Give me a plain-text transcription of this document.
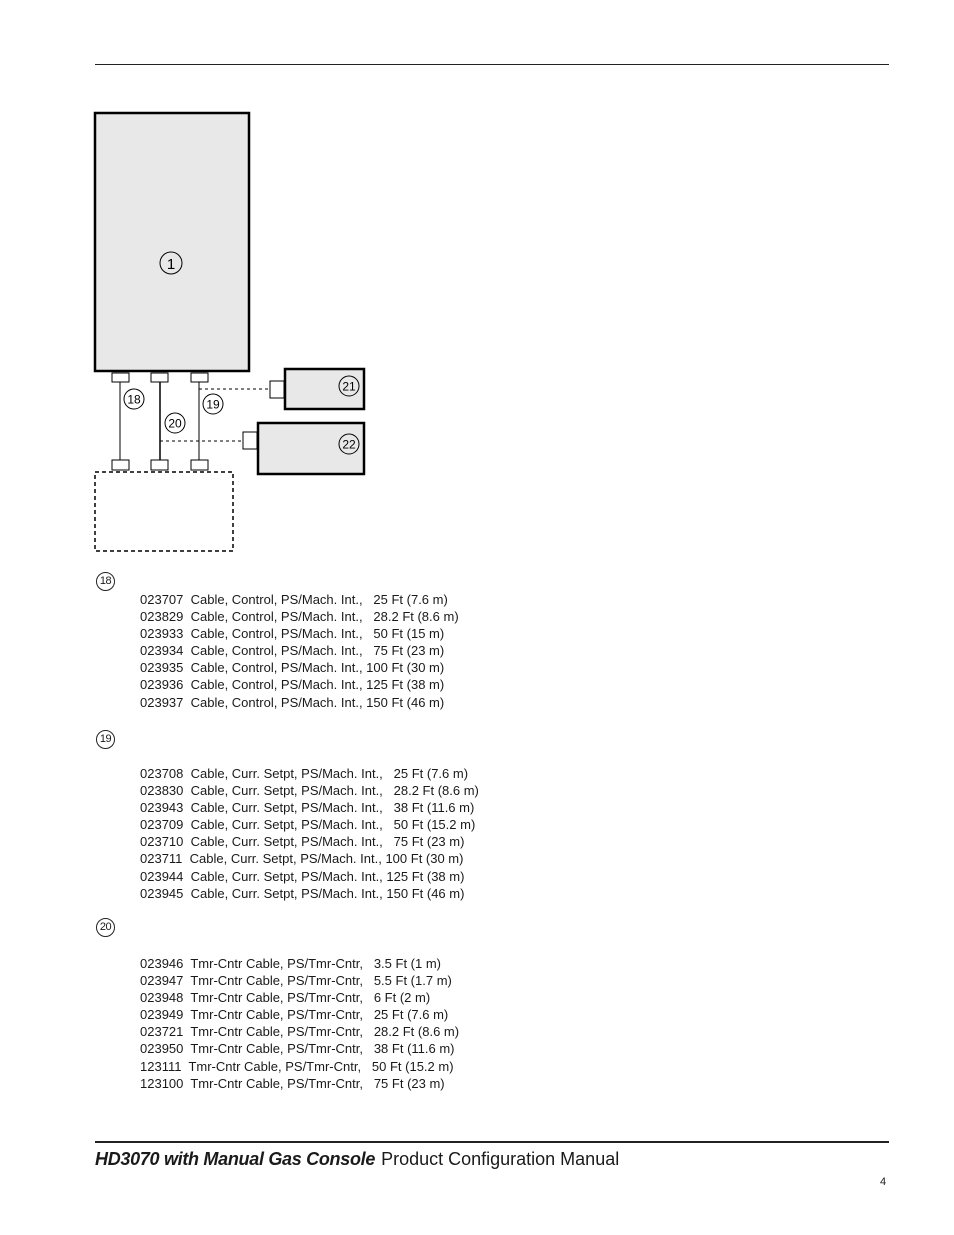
1
21
22
18	19
20
18
023707  Cable, Control, PS/Mach. Int.,   25 Ft (7.6 m)
023829  Cable, Control, PS/Mach. Int.,   28.2 Ft (8.6 m)
023933  Cable, Control, PS/Mach. Int.,   50 Ft (15 m)
023934  Cable, Control, PS/Mach. Int.,   75 Ft (23 m)
023935  Cable, Control, PS/Mach. Int., 100 Ft (30 m)
023936  Cable, Control, PS/Mach. Int., 125 Ft (38 m)
023937  Cable, Control, PS/Mach. Int., 150 Ft (46 m)
19
023708  Cable, Curr. Setpt, PS/Mach. Int.,   25 Ft (7.6 m)
023830  Cable, Curr. Setpt, PS/Mach. Int.,   28.2 Ft (8.6 m)
023943  Cable, Curr. Setpt, PS/Mach. Int.,   38 Ft (11.6 m)
023709  Cable, Curr. Setpt, PS/Mach. Int.,   50 Ft (15.2 m)
023710  Cable, Curr. Setpt, PS/Mach. Int.,   75 Ft (23 m)
023711  Cable, Curr. Setpt, PS/Mach. Int., 100 Ft (30 m)
023944  Cable, Curr. Setpt, PS/Mach. Int., 125 Ft (38 m)
023945  Cable, Curr. Setpt, PS/Mach. Int., 150 Ft (46 m)
20
023946  Tmr-Cntr Cable, PS/Tmr-Cntr,   3.5 Ft (1 m)
023947  Tmr-Cntr Cable, PS/Tmr-Cntr,   5.5 Ft (1.7 m)
023948  Tmr-Cntr Cable, PS/Tmr-Cntr,   6 Ft (2 m)
023949  Tmr-Cntr Cable, PS/Tmr-Cntr,   25 Ft (7.6 m)
023721  Tmr-Cntr Cable, PS/Tmr-Cntr,   28.2 Ft (8.6 m)
023950  Tmr-Cntr Cable, PS/Tmr-Cntr,   38 Ft (11.6 m)
123111  Tmr-Cntr Cable, PS/Tmr-Cntr,   50 Ft (15.2 m)
123100  Tmr-Cntr Cable, PS/Tmr-Cntr,   75 Ft (23 m)
HD3070 with Manual Gas Console Product Configuration Manual
4
